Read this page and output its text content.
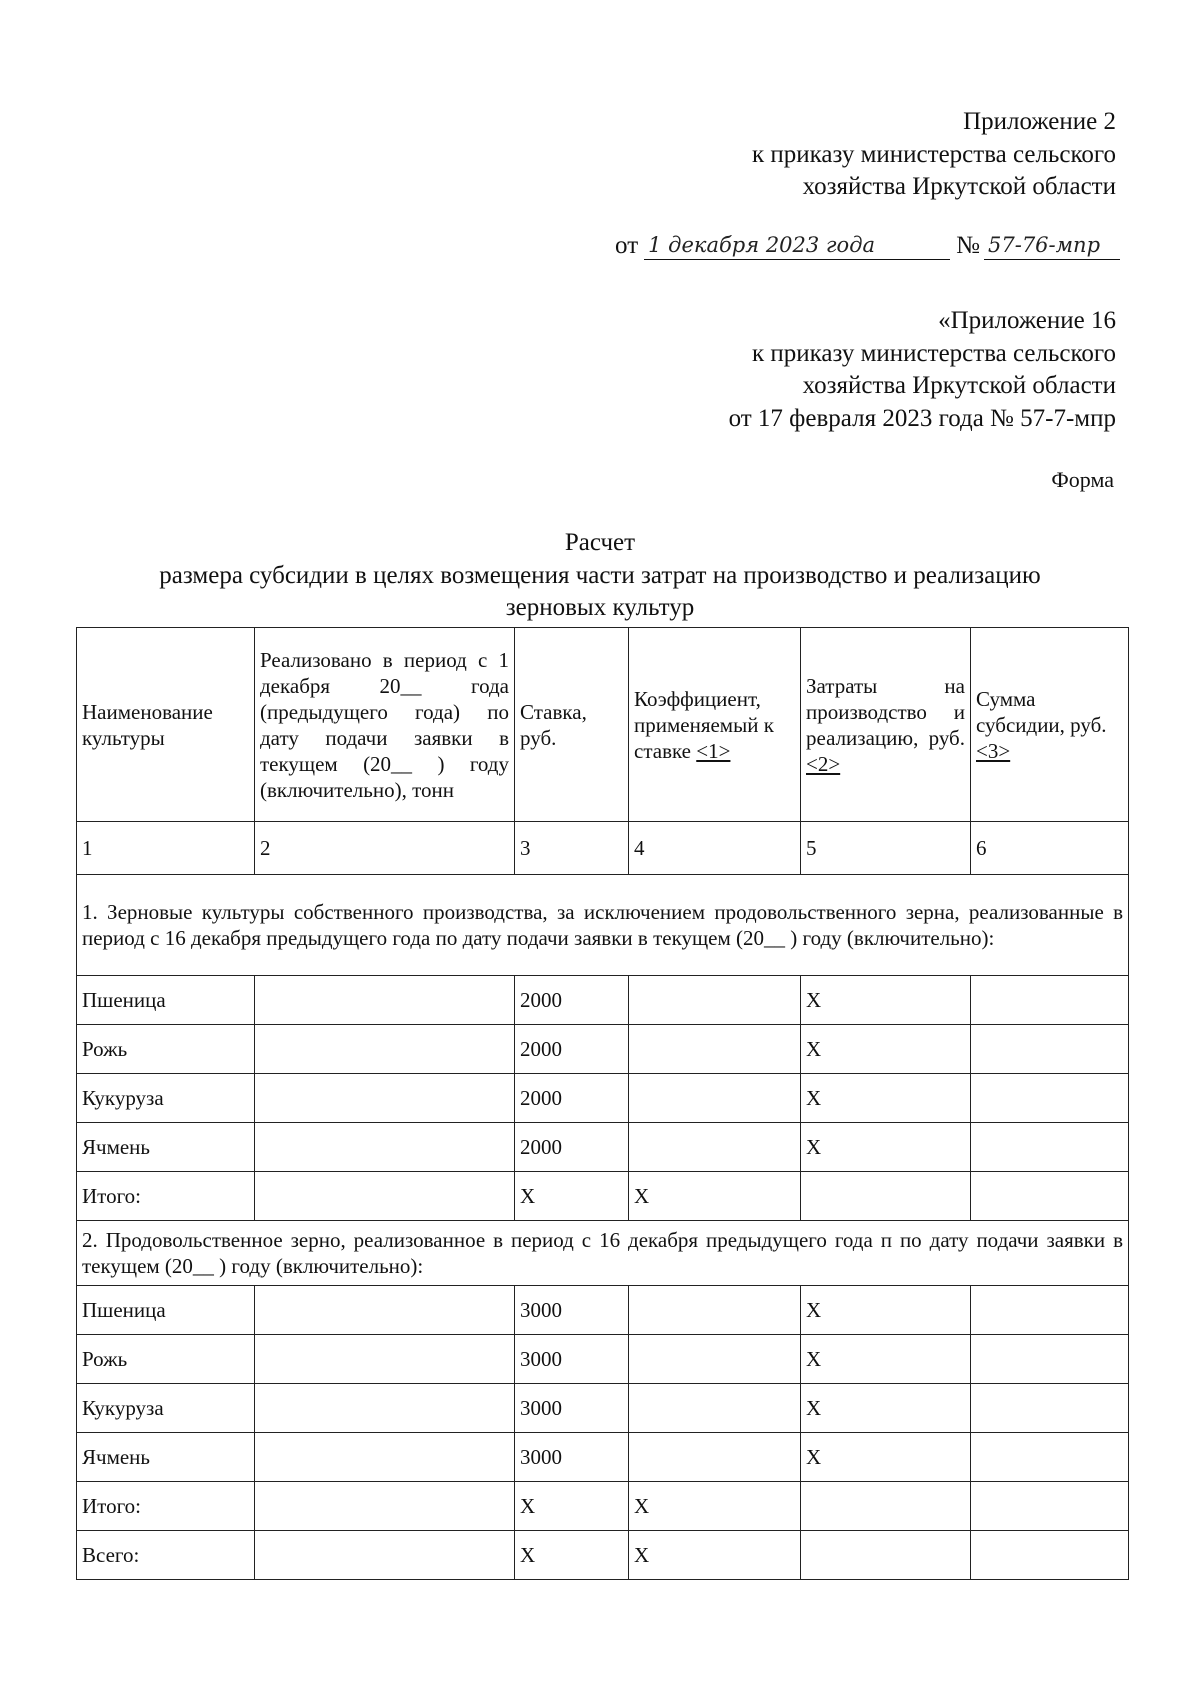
Приложение 2
к приказу министерства сельского
хозяйства Иркутской области
от 1 декабря 2023 года	№ 57-76-мпр
«Приложение 16
к приказу министерства сельского
хозяйства Иркутской области
от 17 февраля 2023 года № 57-7-мпр
Форма
Расчет
размера субсидии в целях возмещения части затрат на производство и реализацию
зерновых культур
Наименование культуры	Реализовано в период с 1 декабря 20__ года (предыдущего года) по дату подачи заявки в текущем (20__ ) году (включительно), тонн	Ставка, руб.	Коэффициент, применяемый к ставке <1>	Затраты на производство и реализацию, руб. <2>	Сумма субсидии, руб. <3>
1	2	3	4	5	6
1. Зерновые культуры собственного производства, за исключением продовольственного зерна, реализованные в период с 16 декабря предыдущего года по дату подачи заявки в текущем (20__ ) году (включительно):					
Пшеница		2000		X	
Рожь		2000		X	
Кукуруза		2000		X	
Ячмень		2000		X	
Итого:		X	X		
2. Продовольственное зерно, реализованное в период с 16 декабря предыдущего года п по дату подачи заявки в текущем (20__ ) году (включительно):					
Пшеница		3000		X	
Рожь		3000		X	
Кукуруза		3000		X	
Ячмень		3000		X	
Итого:		X	X		
Всего:		X	X		
